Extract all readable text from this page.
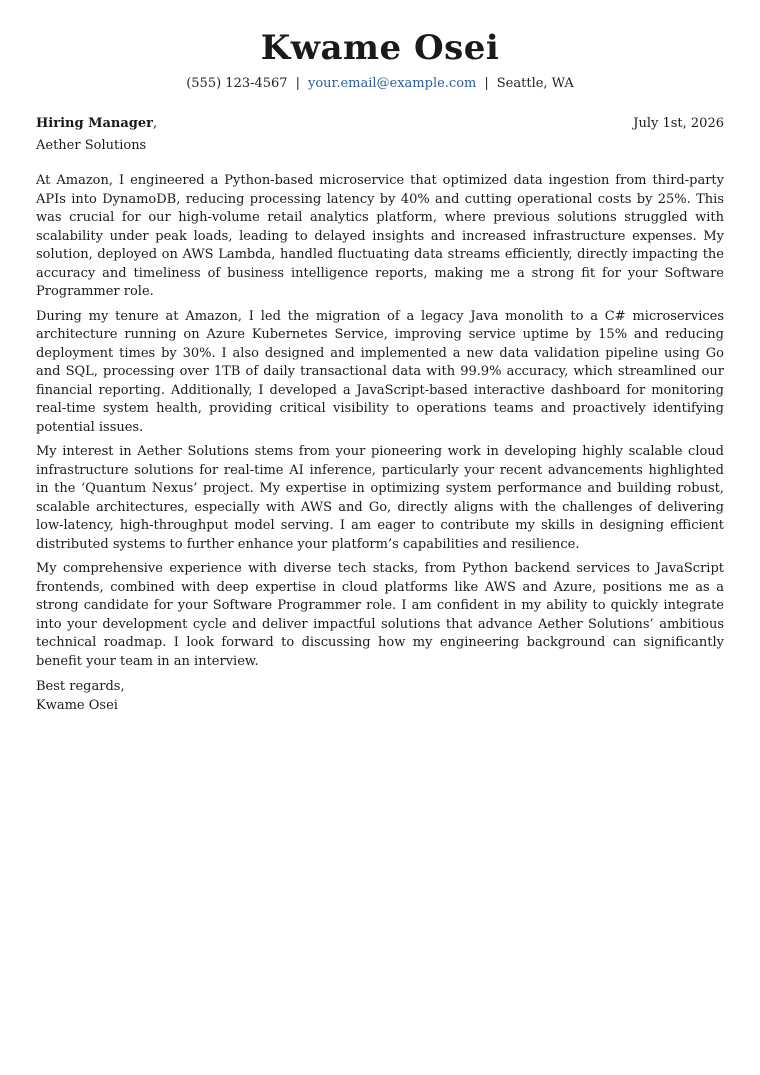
Kwame Osei
(555) 123-4567 | your.email@example.com | Seattle, WA
Hiring Manager,	July 1st, 2026
Aether Solutions

At Amazon, I engineered a Python-based microservice that optimized data ingestion from third-party APIs into DynamoDB, reducing processing latency by 40% and cutting operational costs by 25%. This was crucial for our high-volume retail analytics platform, where previous solutions struggled with scalability under peak loads, leading to delayed insights and increased infrastructure expenses. My solution, deployed on AWS Lambda, handled fluctuating data streams efficiently, directly impacting the accuracy and timeliness of business intelligence reports, making me a strong fit for your Software Programmer role.

During my tenure at Amazon, I led the migration of a legacy Java monolith to a C# microservices architecture running on Azure Kubernetes Service, improving service uptime by 15% and reducing deployment times by 30%. I also designed and implemented a new data validation pipeline using Go and SQL, processing over 1TB of daily transactional data with 99.9% accuracy, which streamlined our financial reporting. Additionally, I developed a JavaScript-based interactive dashboard for monitoring real-time system health, providing critical visibility to operations teams and proactively identifying potential issues.

My interest in Aether Solutions stems from your pioneering work in developing highly scalable cloud infrastructure solutions for real-time AI inference, particularly your recent advancements highlighted in the ‘Quantum Nexus’ project. My expertise in optimizing system performance and building robust, scalable architectures, especially with AWS and Go, directly aligns with the challenges of delivering low-latency, high-throughput model serving. I am eager to contribute my skills in designing efficient distributed systems to further enhance your platform’s capabilities and resilience.

My comprehensive experience with diverse tech stacks, from Python backend services to JavaScript frontends, combined with deep expertise in cloud platforms like AWS and Azure, positions me as a strong candidate for your Software Programmer role. I am confident in my ability to quickly integrate into your development cycle and deliver impactful solutions that advance Aether Solutions’ ambitious technical roadmap. I look forward to discussing how my engineering background can significantly benefit your team in an interview.

Best regards,
Kwame Osei
